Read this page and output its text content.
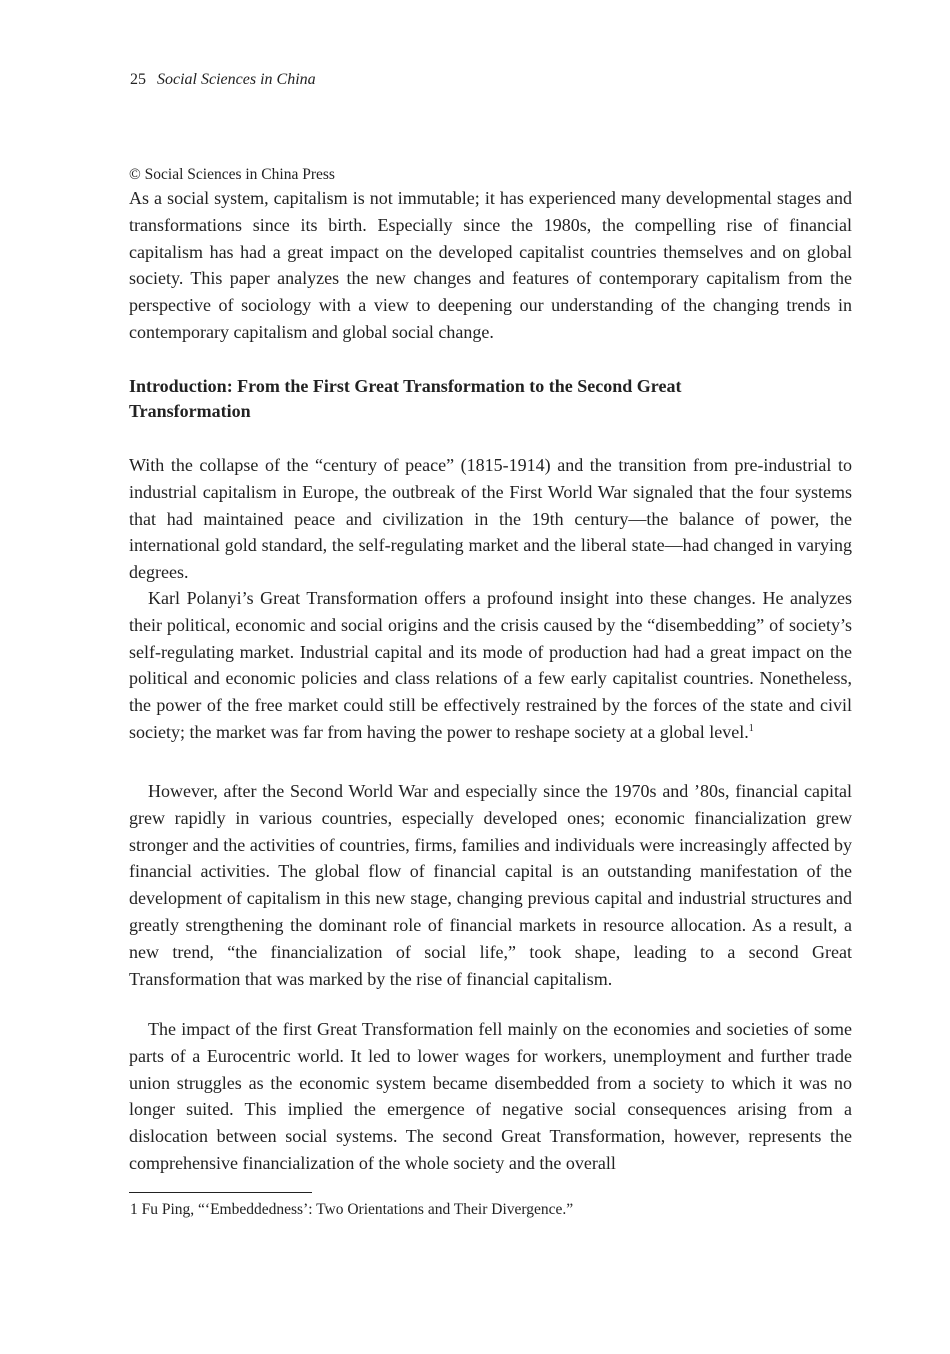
25 Social Sciences in China
© Social Sciences in China Press

As a social system, capitalism is not immutable; it has experienced many developmental stages and transformations since its birth. Especially since the 1980s, the compelling rise of financial capitalism has had a great impact on the developed capitalist countries themselves and on global society. This paper analyzes the new changes and features of contemporary capitalism from the perspective of sociology with a view to deepening our understanding of the changing trends in contemporary capitalism and global social change.

Introduction: From the First Great Transformation to the Second Great Transformation

With the collapse of the “century of peace” (1815-1914) and the transition from pre-industrial to industrial capitalism in Europe, the outbreak of the First World War signaled that the four systems that had maintained peace and civilization in the 19th century—the balance of power, the international gold standard, the self-regulating market and the liberal state—had changed in varying degrees.

Karl Polanyi’s Great Transformation offers a profound insight into these changes. He analyzes their political, economic and social origins and the crisis caused by the “disembedding” of society’s self-regulating market. Industrial capital and its mode of production had had a great impact on the political and economic policies and class relations of a few early capitalist countries. Nonetheless, the power of the free market could still be effectively restrained by the forces of the state and civil society; the market was far from having the power to reshape society at a global level.$^1$

However, after the Second World War and especially since the 1970s and ’80s, financial capital grew rapidly in various countries, especially developed ones; economic financialization grew stronger and the activities of countries, firms, families and individuals were increasingly affected by financial activities. The global flow of financial capital is an outstanding manifestation of the development of capitalism in this new stage, changing previous capital and industrial structures and greatly strengthening the dominant role of financial markets in resource allocation. As a result, a new trend, “the financialization of social life,” took shape, leading to a second Great Transformation that was marked by the rise of financial capitalism.

The impact of the first Great Transformation fell mainly on the economies and societies of some parts of a Eurocentric world. It led to lower wages for workers, unemployment and further trade union struggles as the economic system became disembedded from a society to which it was no longer suited. This implied the emergence of negative social consequences arising from a dislocation between social systems. The second Great Transformation, however, represents the comprehensive financialization of the whole society and the overall

1 Fu Ping, “‘Embeddedness’: Two Orientations and Their Divergence.”
